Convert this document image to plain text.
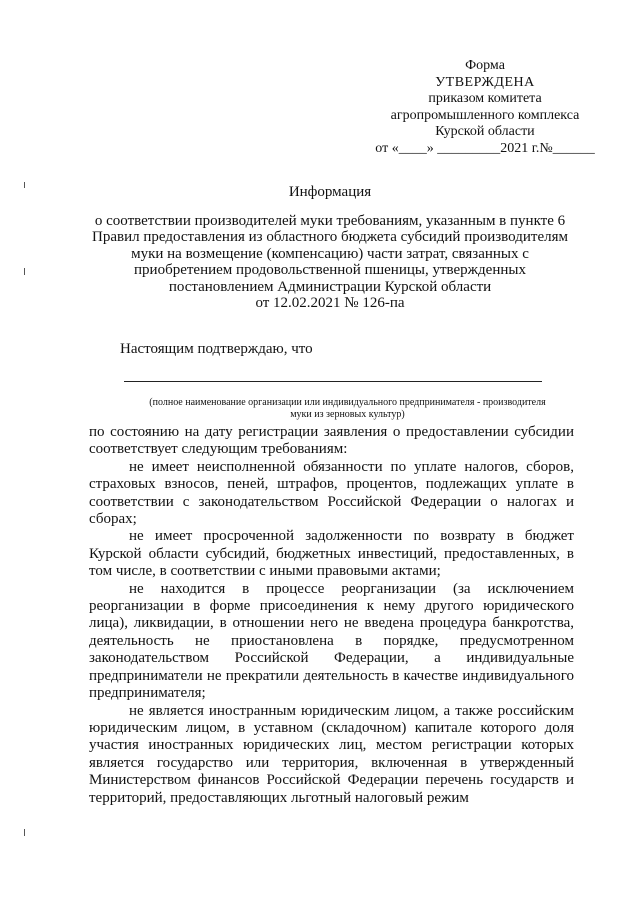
Форма
УТВЕРЖДЕНА
приказом комитета
агропромышленного комплекса
Курской области
от «____» _________2021 г.№______
Информация
о соответствии производителей муки требованиям, указанным в пункте 6
Правил предоставления из областного бюджета субсидий производителям
муки на возмещение (компенсацию) части затрат, связанных с
приобретением продовольственной пшеницы, утвержденных
постановлением Администрации Курской области
от 12.02.2021 № 126-па
Настоящим подтверждаю, что
(полное наименование организации или индивидуального предпринимателя - производителя
муки из зерновых культур)

по состоянию на дату регистрации заявления о предоставлении субсидии соответствует следующим требованиям:

не имеет неисполненной обязанности по уплате налогов, сборов, страховых взносов, пеней, штрафов, процентов, подлежащих уплате в соответствии с законодательством Российской Федерации о налогах и сборах;

не имеет просроченной задолженности по возврату в бюджет Курской области субсидий, бюджетных инвестиций, предоставленных, в том числе, в соответствии с иными правовыми актами;

не находится в процессе реорганизации (за исключением реорганизации в форме присоединения к нему другого юридического лица), ликвидации, в отношении него не введена процедура банкротства, деятельность не приостановлена в порядке, предусмотренном законодательством Российской Федерации, а индивидуальные предприниматели не прекратили деятельность в качестве индивидуального предпринимателя;

не является иностранным юридическим лицом, а также российским юридическим лицом, в уставном (складочном) капитале которого доля участия иностранных юридических лиц, местом регистрации которых является государство или территория, включенная в утвержденный Министерством финансов Российской Федерации перечень государств и территорий, предоставляющих льготный налоговый режим
